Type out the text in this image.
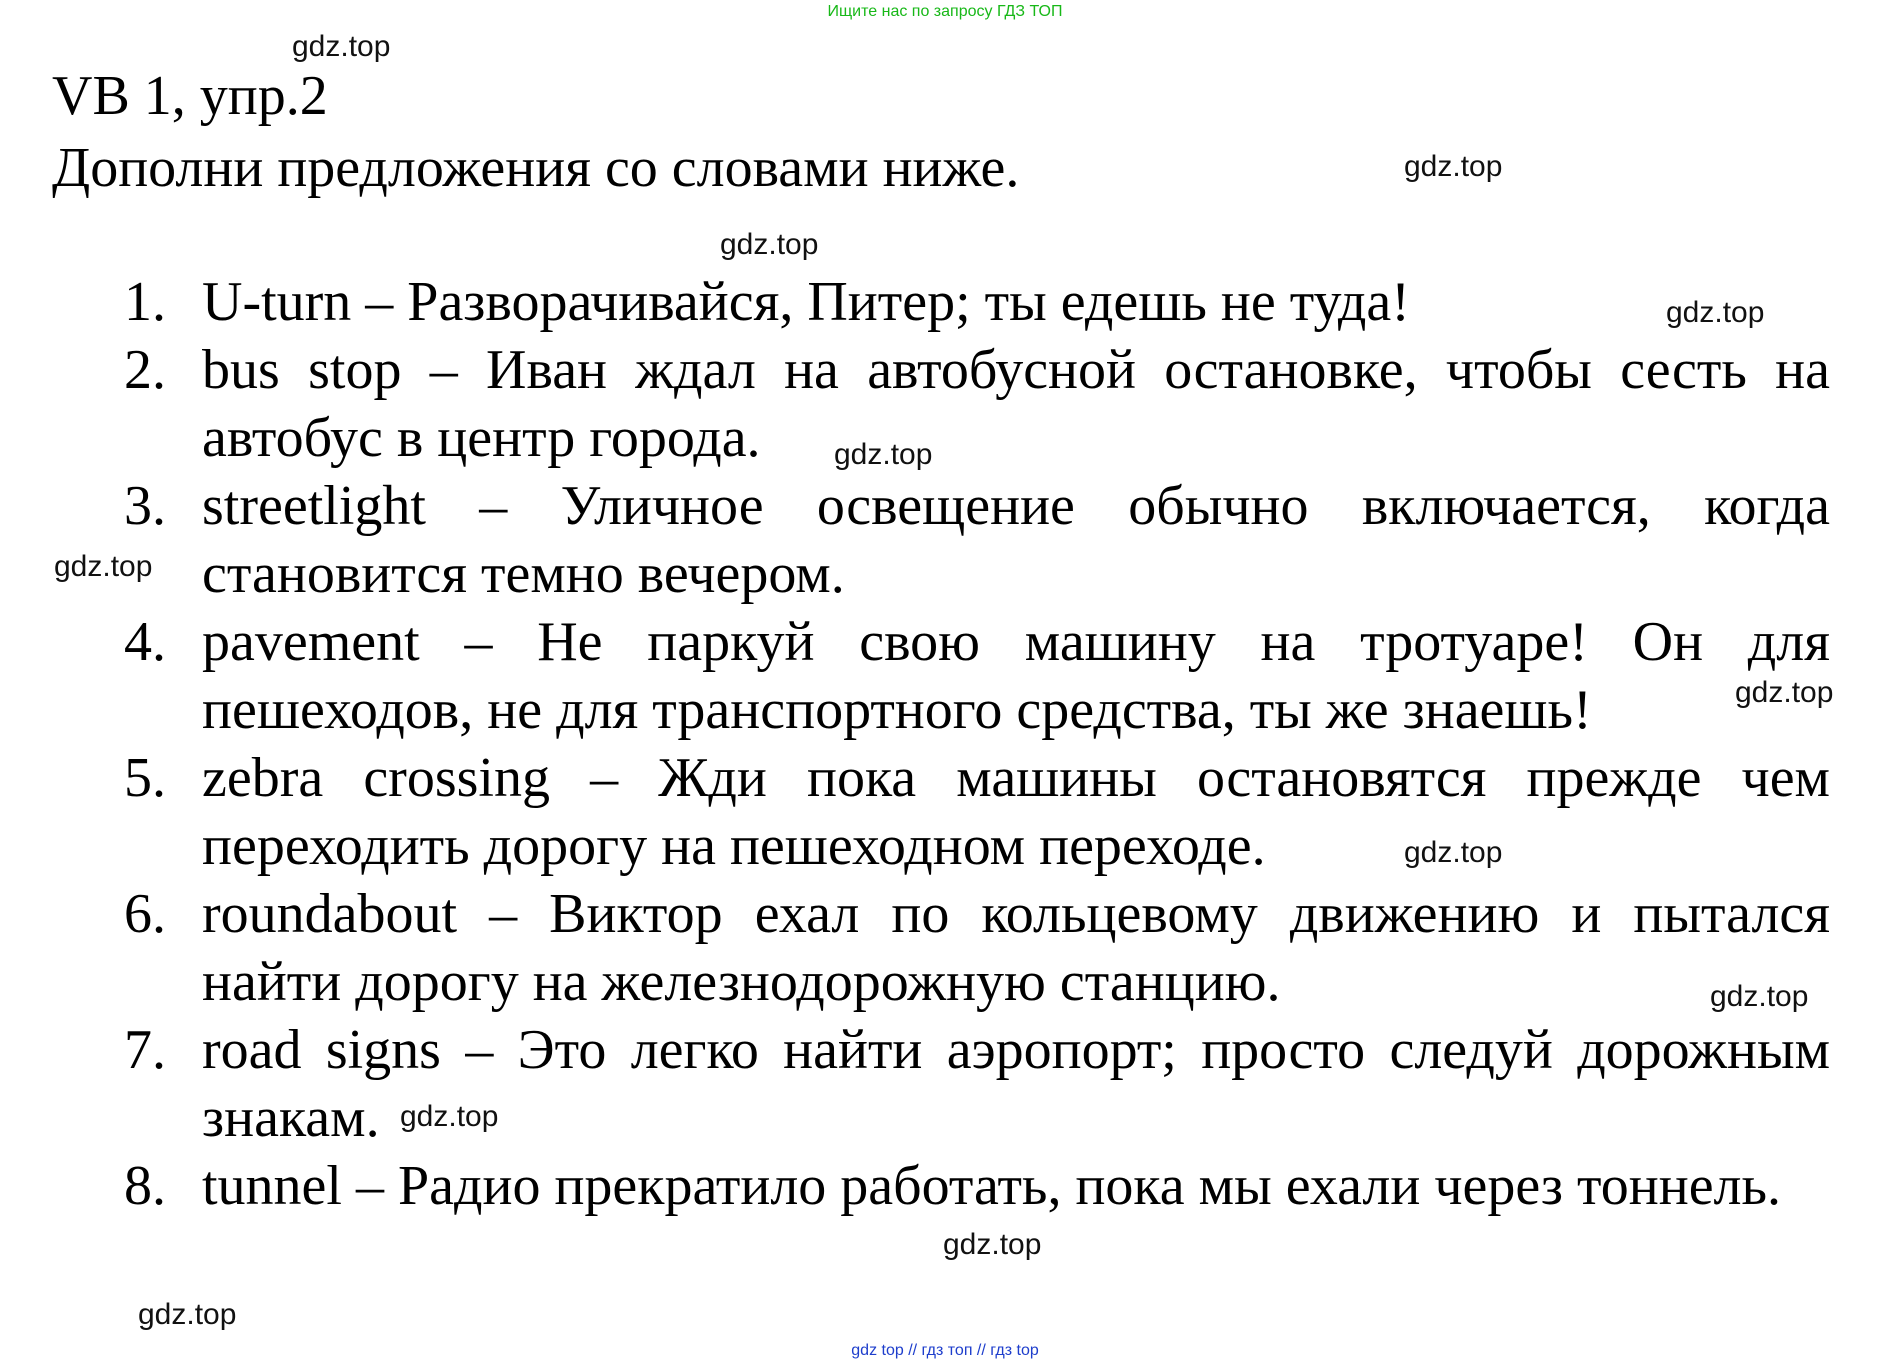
Ищите нас по запросу ГДЗ ТОП
VB 1, упр.2
Дополни предложения со словами ниже.
1. U-turn – Разворачивайся, Питер; ты едешь не туда!
2. bus stop – Иван ждал на автобусной остановке, чтобы сесть на автобус в центр города.
3. streetlight – Уличное освещение обычно включается, когда становится темно вечером.
4. pavement – Не паркуй свою машину на тротуаре! Он для пешеходов, не для транспортного средства, ты же знаешь!
5. zebra crossing – Жди пока машины остановятся прежде чем переходить дорогу на пешеходном переходе.
6. roundabout – Виктор ехал по кольцевому движению и пытался найти дорогу на железнодорожную станцию.
7. road signs – Это легко найти аэропорт; просто следуй дорожным знакам.
8. tunnel – Радио прекратило работать, пока мы ехали через тоннель.
gdz.top
gdz.top
gdz.top
gdz.top
gdz.top
gdz.top
gdz.top
gdz.top
gdz.top
gdz.top
gdz.top
gdz.top
gdz top // гдз топ // гдз top
